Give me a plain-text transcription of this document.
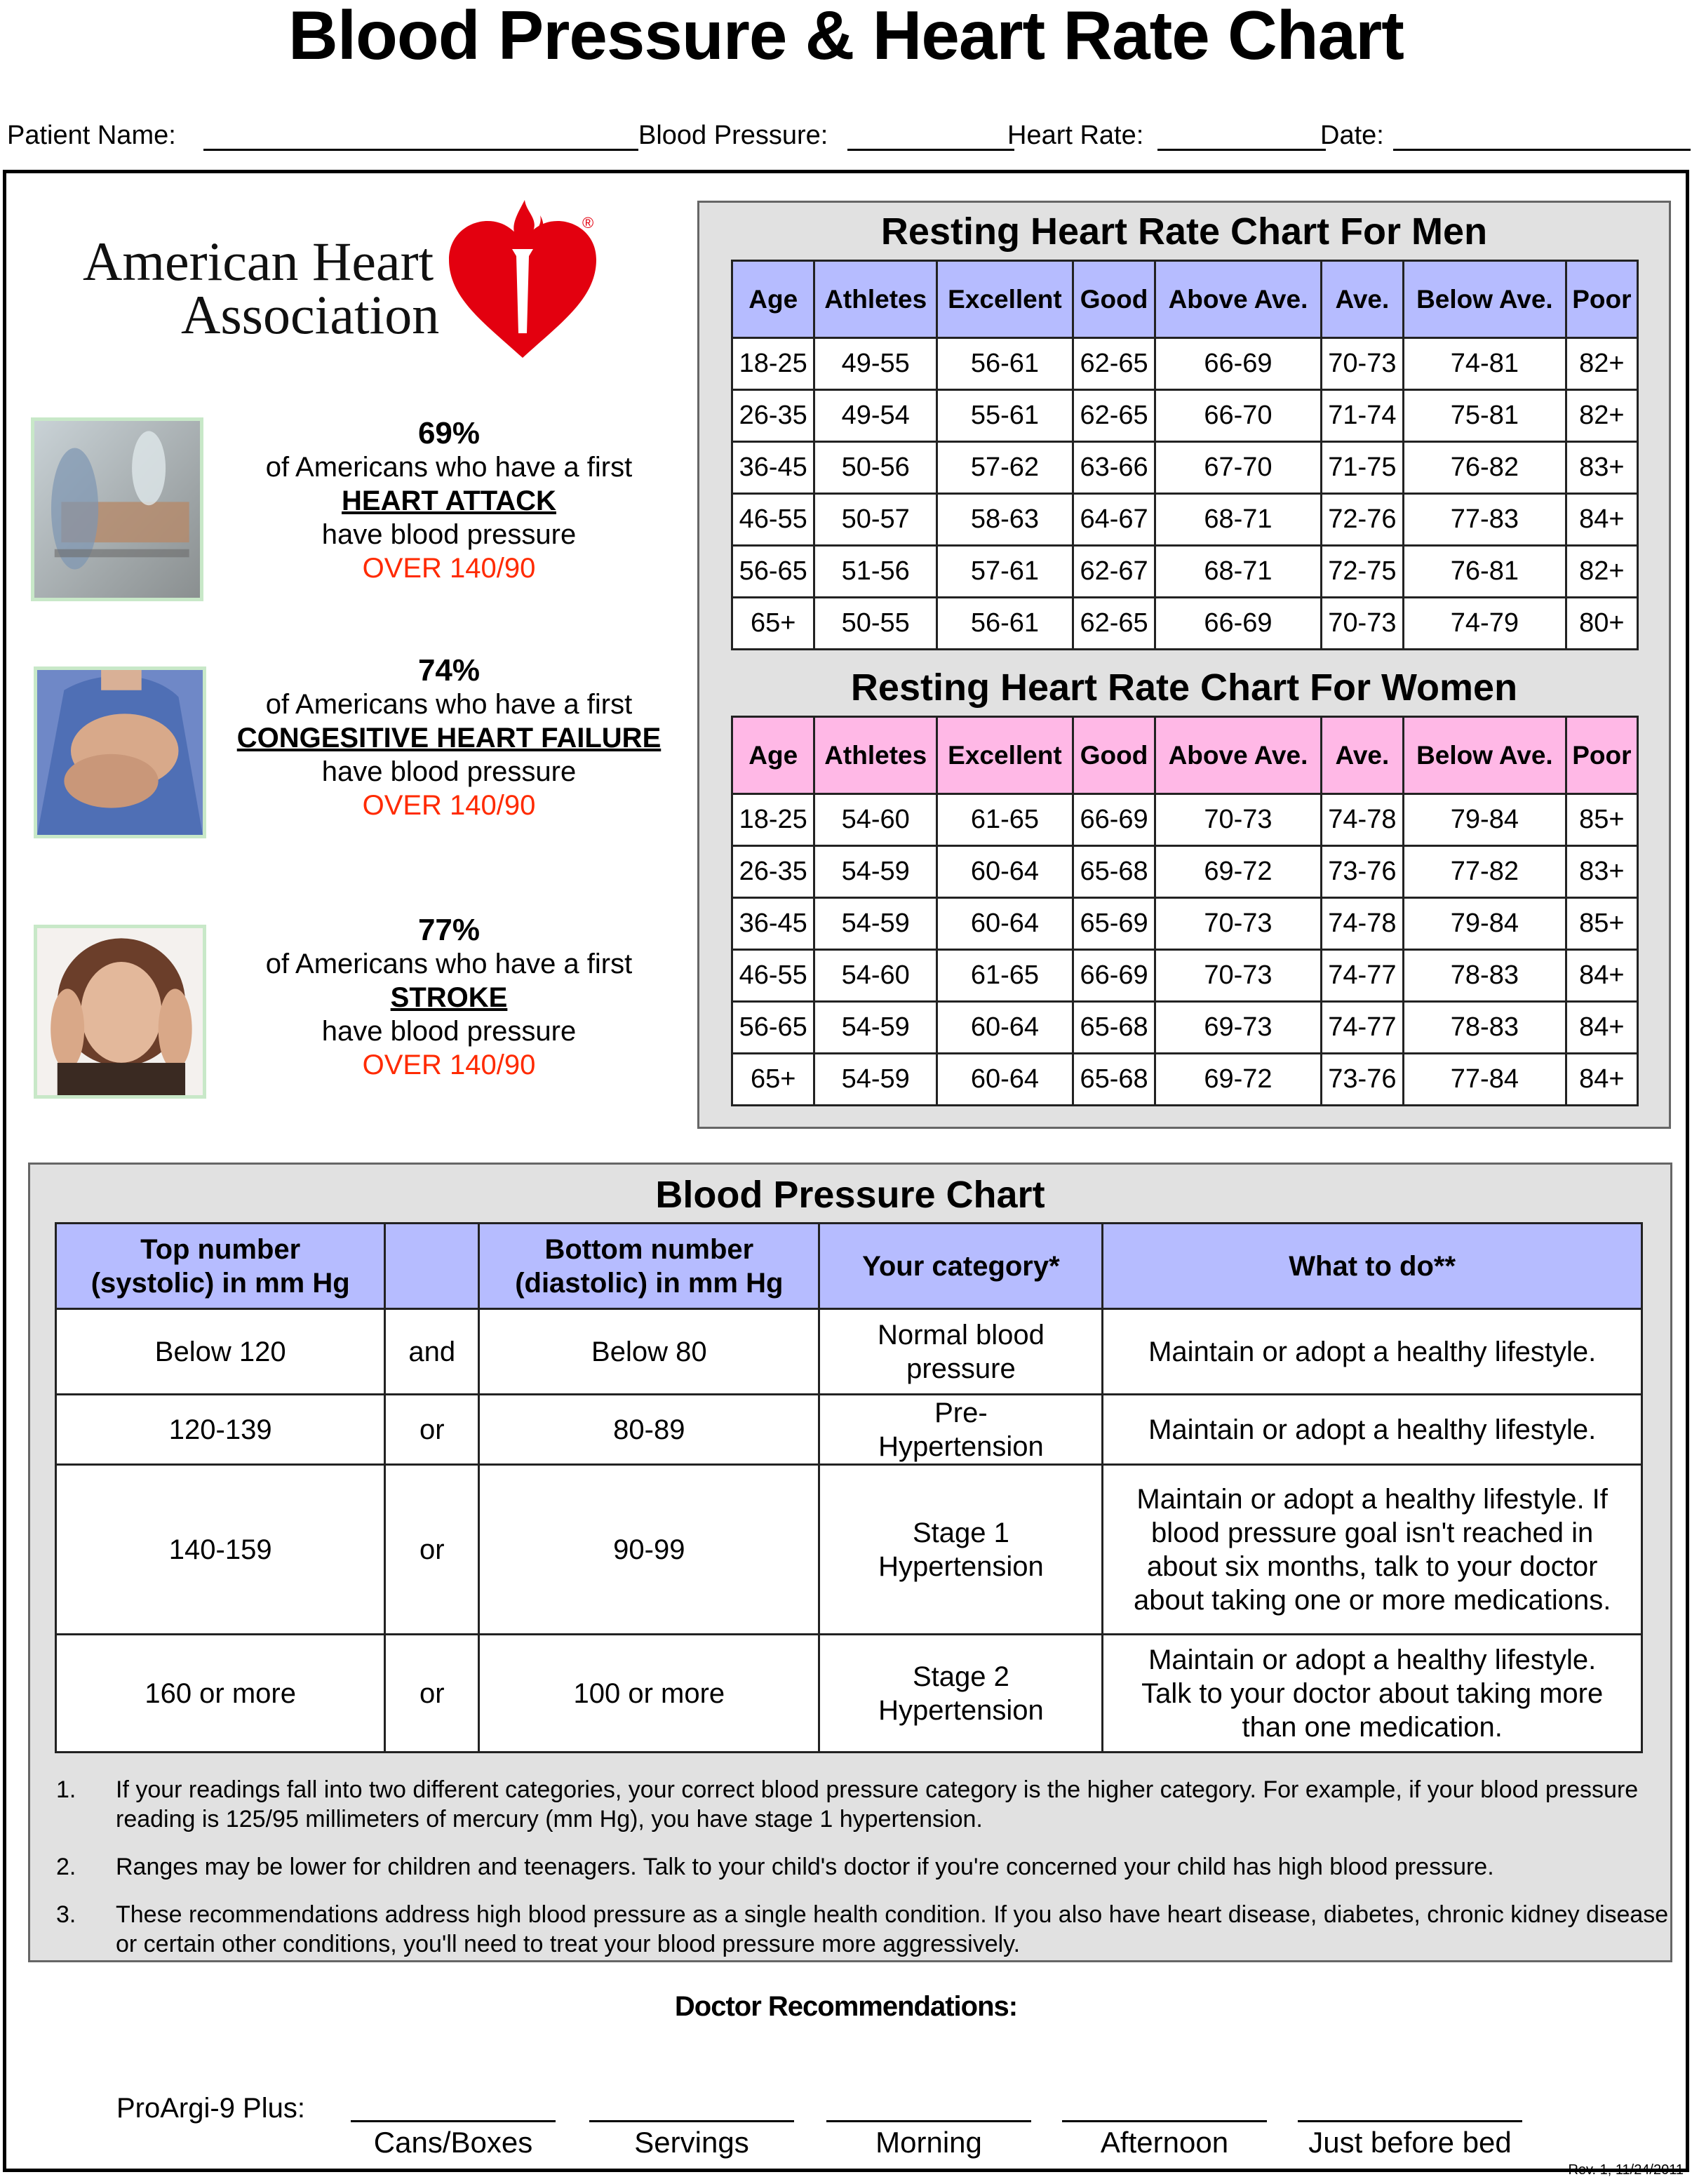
Blood Pressure & Heart Rate Chart
Patient Name:	Blood Pressure:	Heart Rate:	Date:
American Heart
Association
®
69%
of Americans who have a first
HEART ATTACK
have blood pressure
OVER 140/90
74%
of Americans who have a first
CONGESITIVE HEART FAILURE
have blood pressure
OVER 140/90
77%
of Americans who have a first
STROKE
have blood pressure
OVER 140/90
Resting Heart Rate Chart For Men
Resting Heart Rate Chart For Women
Age	Athletes	Excellent	Good	Above Ave.	Ave.	Below Ave.	Poor
18-25	49-55	56-61	62-65	66-69	70-73	74-81	82+
26-35	49-54	55-61	62-65	66-70	71-74	75-81	82+
36-45	50-56	57-62	63-66	67-70	71-75	76-82	83+
46-55	50-57	58-63	64-67	68-71	72-76	77-83	84+
56-65	51-56	57-61	62-67	68-71	72-75	76-81	82+
65+	50-55	56-61	62-65	66-69	70-73	74-79	80+
Age	Athletes	Excellent	Good	Above Ave.	Ave.	Below Ave.	Poor
18-25	54-60	61-65	66-69	70-73	74-78	79-84	85+
26-35	54-59	60-64	65-68	69-72	73-76	77-82	83+
36-45	54-59	60-64	65-69	70-73	74-78	79-84	85+
46-55	54-60	61-65	66-69	70-73	74-77	78-83	84+
56-65	54-59	60-64	65-68	69-73	74-77	78-83	84+
65+	54-59	60-64	65-68	69-72	73-76	77-84	84+
Blood Pressure Chart
Top number (systolic) in mm Hg		Bottom number (diastolic) in mm Hg	Your category*	What to do**
Below 120	and	Below 80	Normal blood pressure	Maintain or adopt a healthy lifestyle.
120-139	or	80-89	Pre-Hypertension	Maintain or adopt a healthy lifestyle.
140-159	or	90-99	Stage 1 Hypertension	Maintain or adopt a healthy lifestyle. If blood pressure goal isn't reached in about six months, talk to your doctor about taking one or more medications.
160 or more	or	100 or more	Stage 2 Hypertension	Maintain or adopt a healthy lifestyle. Talk to your doctor about taking more than one medication.
1. If your readings fall into two different categories, your correct blood pressure category is the higher category. For example, if your blood pressure reading is 125/95 millimeters of mercury (mm Hg), you have stage 1 hypertension.
2. Ranges may be lower for children and teenagers. Talk to your child's doctor if you're concerned your child has high blood pressure.
3. These recommendations address high blood pressure as a single health condition. If you also have heart disease, diabetes, chronic kidney disease or certain other conditions, you'll need to treat your blood pressure more aggressively.
Doctor Recommendations:
ProArgi-9 Plus:
Cans/Boxes	Servings	Morning	Afternoon	Just before bed
Rev. 1, 11/24/2011
